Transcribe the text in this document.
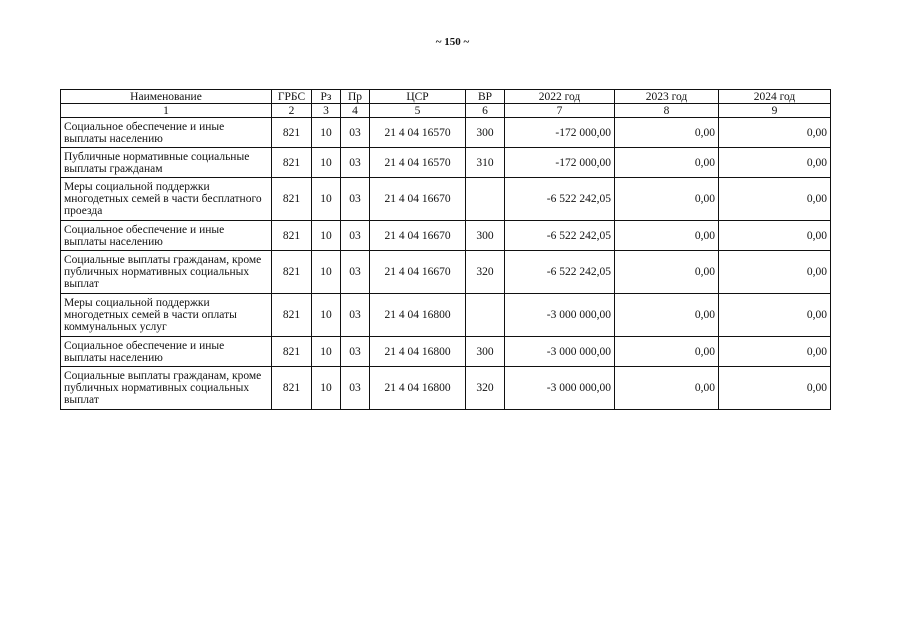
~ 150 ~
Наименование	ГРБС	Рз	Пр	ЦСР	ВР	2022 год	2023 год	2024 год
1	2	3	4	5	6	7	8	9
Социальное обеспечение и иные выплаты населению	821	10	03	21 4 04 16570	300	-172 000,00	0,00	0,00
Публичные нормативные социальные выплаты гражданам	821	10	03	21 4 04 16570	310	-172 000,00	0,00	0,00
Меры социальной поддержки многодетных семей в части бесплатного проезда	821	10	03	21 4 04 16670		-6 522 242,05	0,00	0,00
Социальное обеспечение и иные выплаты населению	821	10	03	21 4 04 16670	300	-6 522 242,05	0,00	0,00
Социальные выплаты гражданам, кроме публичных нормативных социальных выплат	821	10	03	21 4 04 16670	320	-6 522 242,05	0,00	0,00
Меры социальной поддержки многодетных семей в части оплаты коммунальных услуг	821	10	03	21 4 04 16800		-3 000 000,00	0,00	0,00
Социальное обеспечение и иные выплаты населению	821	10	03	21 4 04 16800	300	-3 000 000,00	0,00	0,00
Социальные выплаты гражданам, кроме публичных нормативных социальных выплат	821	10	03	21 4 04 16800	320	-3 000 000,00	0,00	0,00
